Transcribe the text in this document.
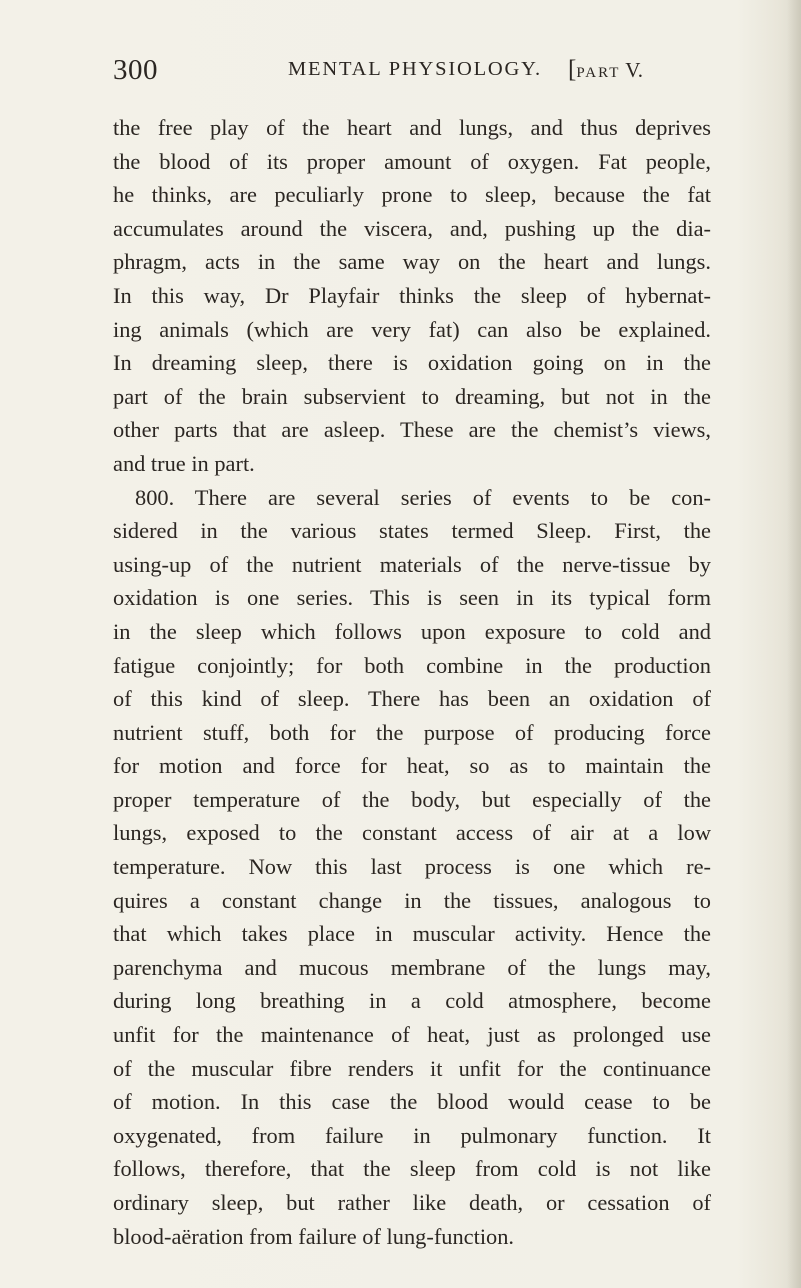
300	MENTAL PHYSIOLOGY. [PART V.
the free play of the heart and lungs, and thus deprives
the blood of its proper amount of oxygen. Fat people,
he thinks, are peculiarly prone to sleep, because the fat
accumulates around the viscera, and, pushing up the dia-
phragm, acts in the same way on the heart and lungs.
In this way, Dr Playfair thinks the sleep of hybernat-
ing animals (which are very fat) can also be explained.
In dreaming sleep, there is oxidation going on in the
part of the brain subservient to dreaming, but not in the
other parts that are asleep. These are the chemist’s views,
and true in part.
800. There are several series of events to be con-
sidered in the various states termed Sleep. First, the
using-up of the nutrient materials of the nerve-tissue by
oxidation is one series. This is seen in its typical form
in the sleep which follows upon exposure to cold and
fatigue conjointly; for both combine in the production
of this kind of sleep. There has been an oxidation of
nutrient stuff, both for the purpose of producing force
for motion and force for heat, so as to maintain the
proper temperature of the body, but especially of the
lungs, exposed to the constant access of air at a low
temperature. Now this last process is one which re-
quires a constant change in the tissues, analogous to
that which takes place in muscular activity. Hence the
parenchyma and mucous membrane of the lungs may,
during long breathing in a cold atmosphere, become
unfit for the maintenance of heat, just as prolonged use
of the muscular fibre renders it unfit for the continuance
of motion. In this case the blood would cease to be
oxygenated, from failure in pulmonary function. It
follows, therefore, that the sleep from cold is not like
ordinary sleep, but rather like death, or cessation of
blood-aëration from failure of lung-function.
